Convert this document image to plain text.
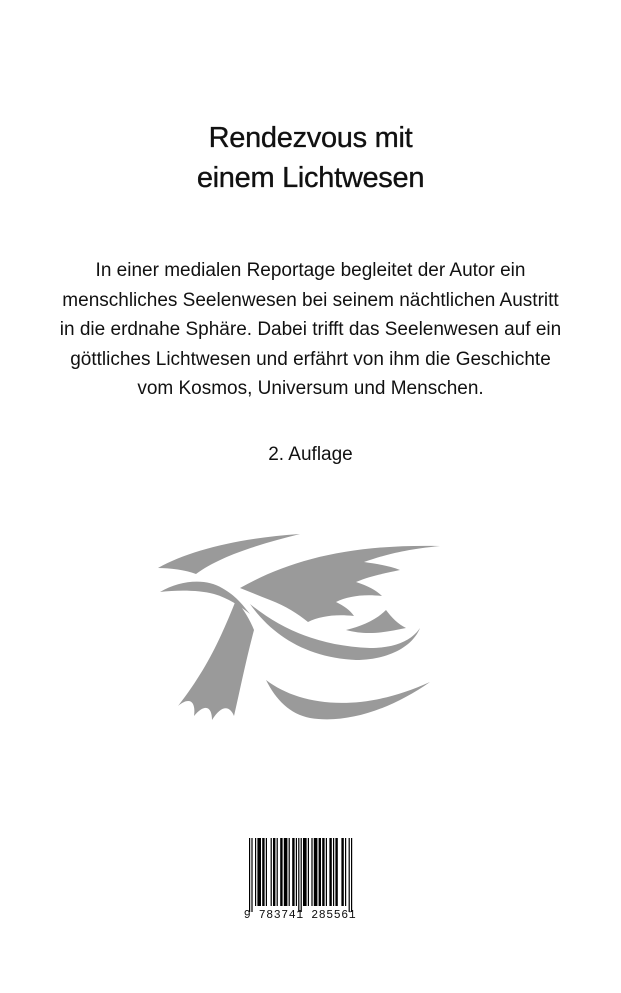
Rendezvous mit
einem Lichtwesen
In einer medialen Reportage begleitet der Autor ein
menschliches Seelenwesen bei seinem nächtlichen Austritt
in die erdnahe Sphäre. Dabei trifft das Seelenwesen auf ein
göttliches Lichtwesen und erfährt von ihm die Geschichte
vom Kosmos, Universum und Menschen.
2. Auflage
9 783741 285561
